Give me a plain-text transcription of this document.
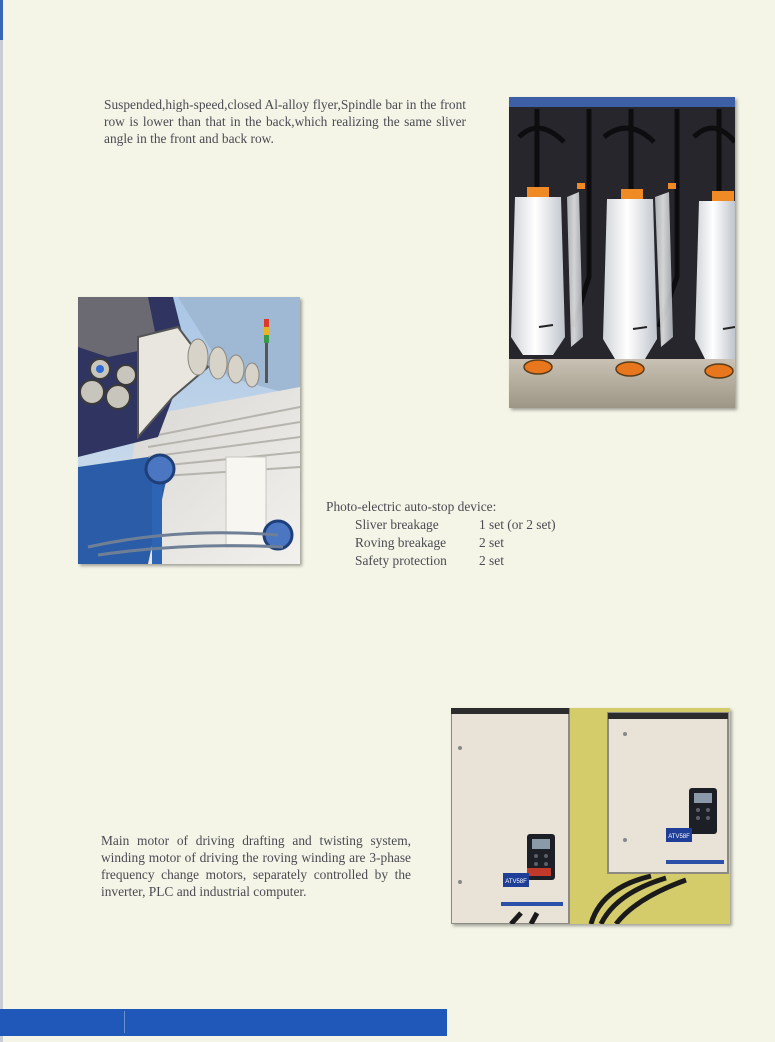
Suspended,high-speed,closed Al-alloy flyer,Spindle bar in the front row is lower than that in the back,which realizing the same sliver angle in the front and back row.

Photo-electric auto-stop device:

Sliver breakage	1 set (or 2 set)
Roving breakage	2 set
Safety protection	2 set
ATV58F
ATV58F

Main motor of driving drafting and twisting system, winding motor of driving the roving winding are 3-phase frequency change motors, separately controlled by the inverter, PLC and industrial computer.
